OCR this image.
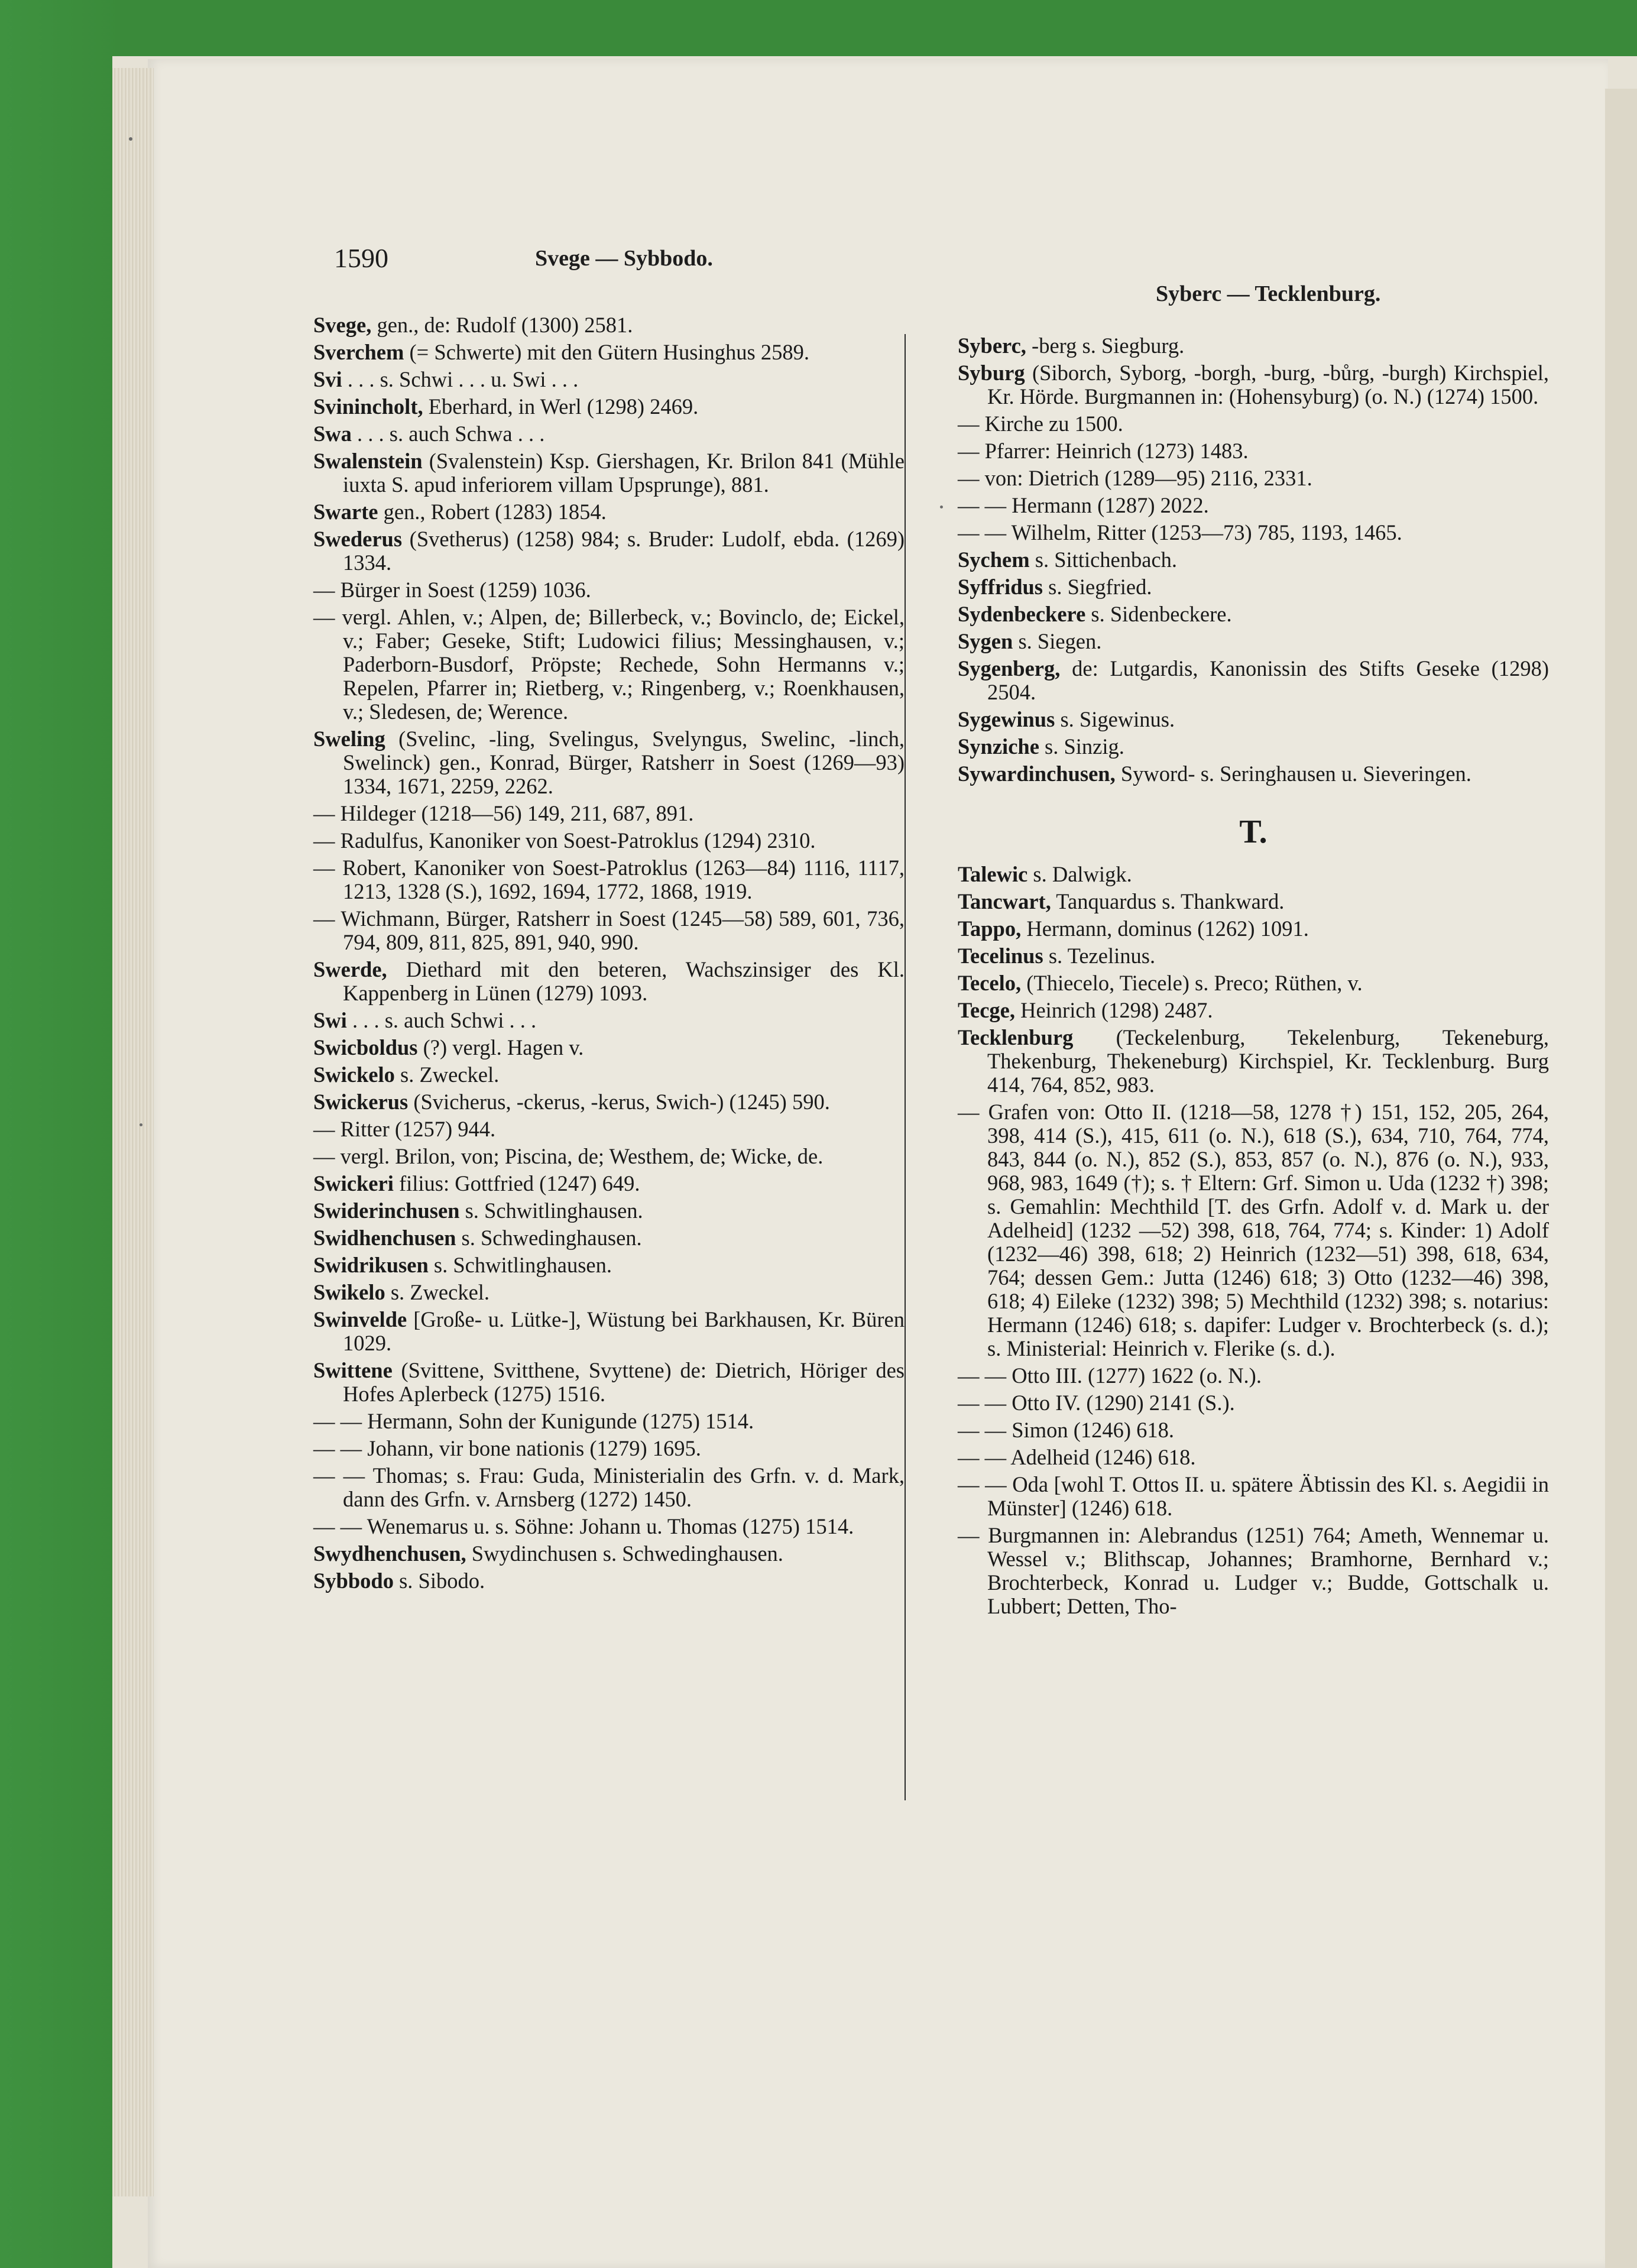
1590	Svege — Sybbodo.
Syberc — Tecklenburg.
Svege, gen., de: Rudolf (1300) 2581.
Sverchem (= Schwerte) mit den Gütern Husinghus 2589.
Svi . . . s. Schwi . . . u. Swi . . .
Svinincholt, Eberhard, in Werl (1298) 2469.
Swa . . . s. auch Schwa . . .
Swalenstein (Svalenstein) Ksp. Giershagen, Kr. Brilon 841 (Mühle iuxta S. apud inferiorem villam Upsprunge), 881.
Swarte gen., Robert (1283) 1854.
Swederus (Svetherus) (1258) 984; s. Bruder: Ludolf, ebda. (1269) 1334.
— Bürger in Soest (1259) 1036.
— vergl. Ahlen, v.; Alpen, de; Billerbeck, v.; Bovinclo, de; Eickel, v.; Faber; Geseke, Stift; Ludowici filius; Messinghausen, v.; Paderborn-Busdorf, Pröpste; Rechede, Sohn Hermanns v.; Repelen, Pfarrer in; Rietberg, v.; Ringenberg, v.; Roenkhausen, v.; Sledesen, de; Werence.
Sweling (Svelinc, -ling, Svelingus, Svelyngus, Swelinc, -linch, Swelinck) gen., Konrad, Bürger, Ratsherr in Soest (1269—93) 1334, 1671, 2259, 2262.
— Hildeger (1218—56) 149, 211, 687, 891.
— Radulfus, Kanoniker von Soest-Patroklus (1294) 2310.
— Robert, Kanoniker von Soest-Patroklus (1263—84) 1116, 1117, 1213, 1328 (S.), 1692, 1694, 1772, 1868, 1919.
— Wichmann, Bürger, Ratsherr in Soest (1245—58) 589, 601, 736, 794, 809, 811, 825, 891, 940, 990.
Swerde, Diethard mit den beteren, Wachszinsiger des Kl. Kappenberg in Lünen (1279) 1093.
Swi . . . s. auch Schwi . . .
Swicboldus (?) vergl. Hagen v.
Swickelo s. Zweckel.
Swickerus (Svicherus, -ckerus, -kerus, Swich-) (1245) 590.
— Ritter (1257) 944.
— vergl. Brilon, von; Piscina, de; Westhem, de; Wicke, de.
Swickeri filius: Gottfried (1247) 649.
Swiderinchusen s. Schwitlinghausen.
Swidhenchusen s. Schwedinghausen.
Swidrikusen s. Schwitlinghausen.
Swikelo s. Zweckel.
Swinvelde [Große- u. Lütke-], Wüstung bei Barkhausen, Kr. Büren 1029.
Swittene (Svittene, Svitthene, Svyttene) de: Dietrich, Höriger des Hofes Aplerbeck (1275) 1516.
— — Hermann, Sohn der Kunigunde (1275) 1514.
— — Johann, vir bone nationis (1279) 1695.
— — Thomas; s. Frau: Guda, Ministerialin des Grfn. v. d. Mark, dann des Grfn. v. Arnsberg (1272) 1450.
— — Wenemarus u. s. Söhne: Johann u. Thomas (1275) 1514.
Swydhenchusen, Swydinchusen s. Schwedinghausen.
Sybbodo s. Sibodo.
Syberc, -berg s. Siegburg.
Syburg (Siborch, Syborg, -borgh, -burg, -bůrg, -burgh) Kirchspiel, Kr. Hörde. Burgmannen in: (Hohensyburg) (o. N.) (1274) 1500.
— Kirche zu 1500.
— Pfarrer: Heinrich (1273) 1483.
— von: Dietrich (1289—95) 2116, 2331.
— — Hermann (1287) 2022.
— — Wilhelm, Ritter (1253—73) 785, 1193, 1465.
Sychem s. Sittichenbach.
Syffridus s. Siegfried.
Sydenbeckere s. Sidenbeckere.
Sygen s. Siegen.
Sygenberg, de: Lutgardis, Kanonissin des Stifts Geseke (1298) 2504.
Sygewinus s. Sigewinus.
Synziche s. Sinzig.
Sywardinchusen, Syword- s. Seringhausen u. Sieveringen.
T.
Talewic s. Dalwigk.
Tancwart, Tanquardus s. Thankward.
Tappo, Hermann, dominus (1262) 1091.
Tecelinus s. Tezelinus.
Tecelo, (Thiecelo, Tiecele) s. Preco; Rüthen, v.
Tecge, Heinrich (1298) 2487.
Tecklenburg (Teckelenburg, Tekelenburg, Tekeneburg, Thekenburg, Thekeneburg) Kirchspiel, Kr. Tecklenburg. Burg 414, 764, 852, 983.
— Grafen von: Otto II. (1218—58, 1278 †) 151, 152, 205, 264, 398, 414 (S.), 415, 611 (o. N.), 618 (S.), 634, 710, 764, 774, 843, 844 (o. N.), 852 (S.), 853, 857 (o. N.), 876 (o. N.), 933, 968, 983, 1649 (†); s. † Eltern: Grf. Simon u. Uda (1232 †) 398; s. Gemahlin: Mechthild [T. des Grfn. Adolf v. d. Mark u. der Adelheid] (1232 —52) 398, 618, 764, 774; s. Kinder: 1) Adolf (1232—46) 398, 618; 2) Heinrich (1232—51) 398, 618, 634, 764; dessen Gem.: Jutta (1246) 618; 3) Otto (1232—46) 398, 618; 4) Eileke (1232) 398; 5) Mechthild (1232) 398; s. notarius: Hermann (1246) 618; s. dapifer: Ludger v. Brochterbeck (s. d.); s. Ministerial: Heinrich v. Flerike (s. d.).
— — Otto III. (1277) 1622 (o. N.).
— — Otto IV. (1290) 2141 (S.).
— — Simon (1246) 618.
— — Adelheid (1246) 618.
— — Oda [wohl T. Ottos II. u. spätere Äbtissin des Kl. s. Aegidii in Münster] (1246) 618.
— Burgmannen in: Alebrandus (1251) 764; Ameth, Wennemar u. Wessel v.; Blithscap, Johannes; Bramhorne, Bernhard v.; Brochterbeck, Konrad u. Ludger v.; Budde, Gottschalk u. Lubbert; Detten, Tho-
